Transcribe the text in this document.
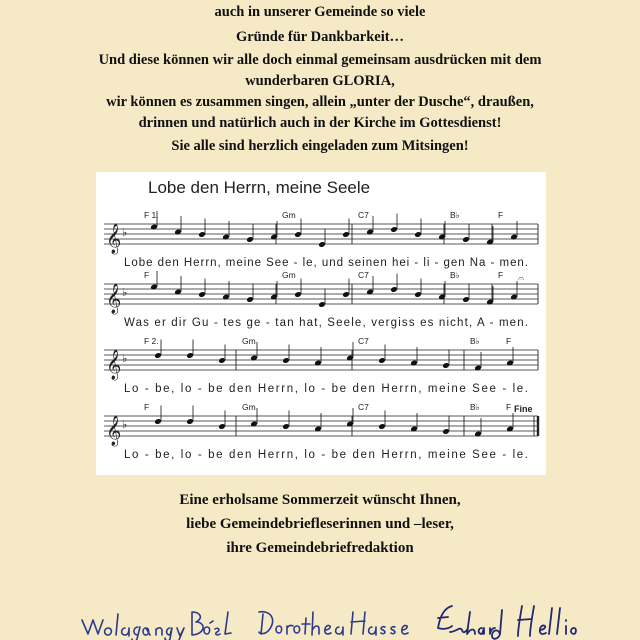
auch in unserer Gemeinde so viele
Gründe für Dankbarkeit…
Und diese können wir alle doch einmal gemeinsam ausdrücken mit dem
wunderbaren GLORIA,
wir können es zusammen singen, allein „unter der Dusche“, draußen,
drinnen und natürlich auch in der Kirche im Gottesdienst!
Sie alle sind herzlich eingeladen zum Mitsingen!
Lobe den Herrn, meine Seele
𝄞 ♭
F 1.	Gm	C7	B♭	F
Lobe den Herrn, meine See - le, und seinen hei - li - gen Na - men.
𝄞 ♭
F	Gm	C7	B♭	F
Was er dir Gu - tes ge - tan hat, Seele, vergiss es nicht, A - men.
𝄞 ♭
F 2.	Gm	C7	B♭	F
Lo - be, lo - be den Herrn, lo - be den Herrn, meine See - le.
𝄞 ♭
F	Gm	C7	B♭	F
Lo - be, lo - be den Herrn, lo - be den Herrn, meine See - le.
Fine
𝄐
Eine erholsame Sommerzeit wünscht Ihnen,
liebe Gemeindebriefleserinnen und –leser,
ihre Gemeindebriefredaktion
